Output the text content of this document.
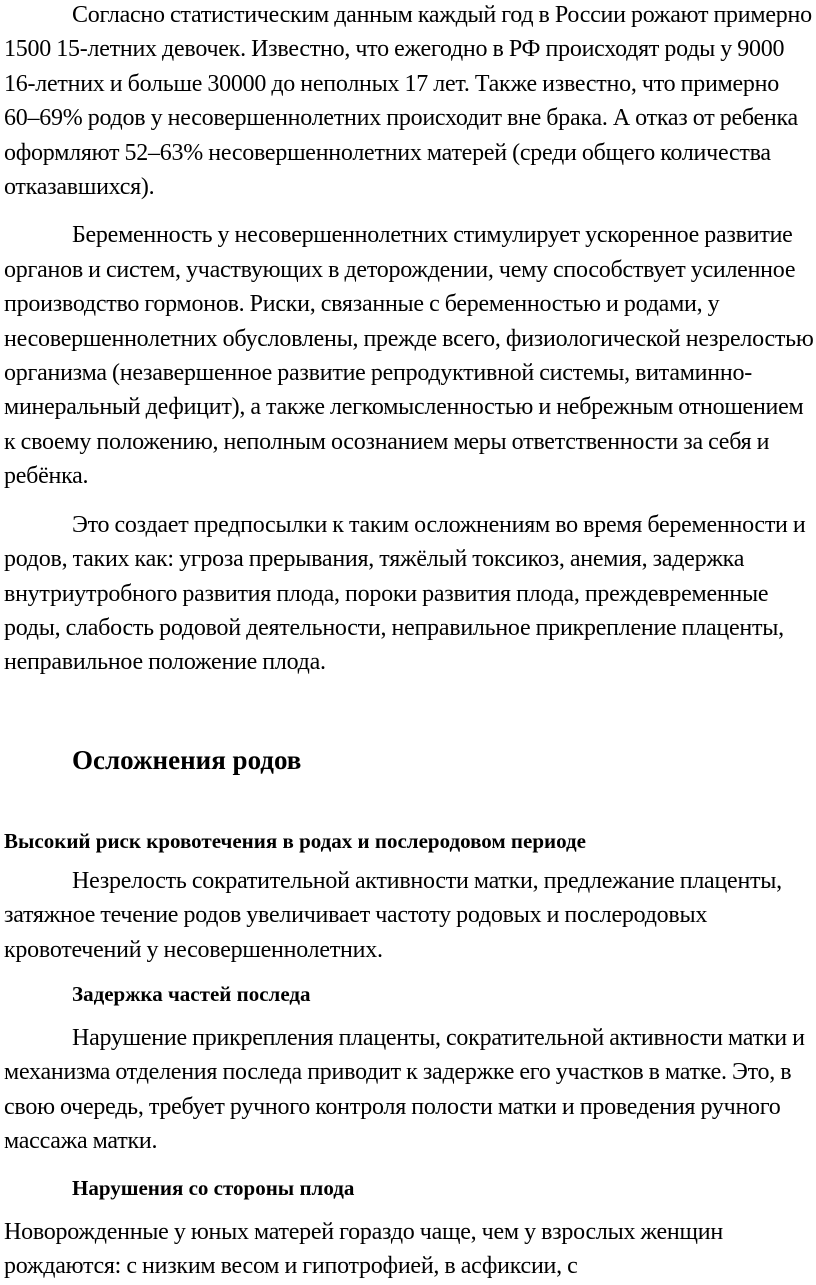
Согласно статистическим данным каждый год в России рожают примерно 1500 15-летних девочек. Известно, что ежегодно в РФ происходят роды у 9000 16-летних и больше 30000 до неполных 17 лет. Также известно, что примерно 60–69% родов у несовершеннолетних происходит вне брака. А отказ от ребенка оформляют 52–63% несовершеннолетних матерей (среди общего количества отказавшихся).

Беременность у несовершеннолетних стимулирует ускоренное развитие органов и систем, участвующих в деторождении, чему способствует усиленное производство гормонов. Риски, связанные с беременностью и родами, у несовершеннолетних обусловлены, прежде всего, физиологической незрелостью организма (незавершенное развитие репродуктивной системы, витаминно-минеральный дефицит), а также легкомысленностью и небрежным отношением к своему положению, неполным осознанием меры ответственности за себя и ребёнка.

Это создает предпосылки к таким осложнениям во время беременности и родов, таких как: угроза прерывания, тяжёлый токсикоз, анемия, задержка внутриутробного развития плода, пороки развития плода, преждевременные роды, слабость родовой деятельности, неправильное прикрепление плаценты, неправильное положение плода.

Осложнения родов
Высокий риск кровотечения в родах и послеродовом периоде

Незрелость сократительной активности матки, предлежание плаценты, затяжное течение родов увеличивает частоту родовых и послеродовых кровотечений у несовершеннолетних.

Задержка частей последа

Нарушение прикрепления плаценты, сократительной активности матки и механизма отделения последа приводит к задержке его участков в матке. Это, в свою очередь, требует ручного контроля полости матки и проведения ручного массажа матки.

Нарушения со стороны плода

Новорожденные у юных матерей гораздо чаще, чем у взрослых женщин рождаются: с низким весом и гипотрофией, в асфиксии, с
